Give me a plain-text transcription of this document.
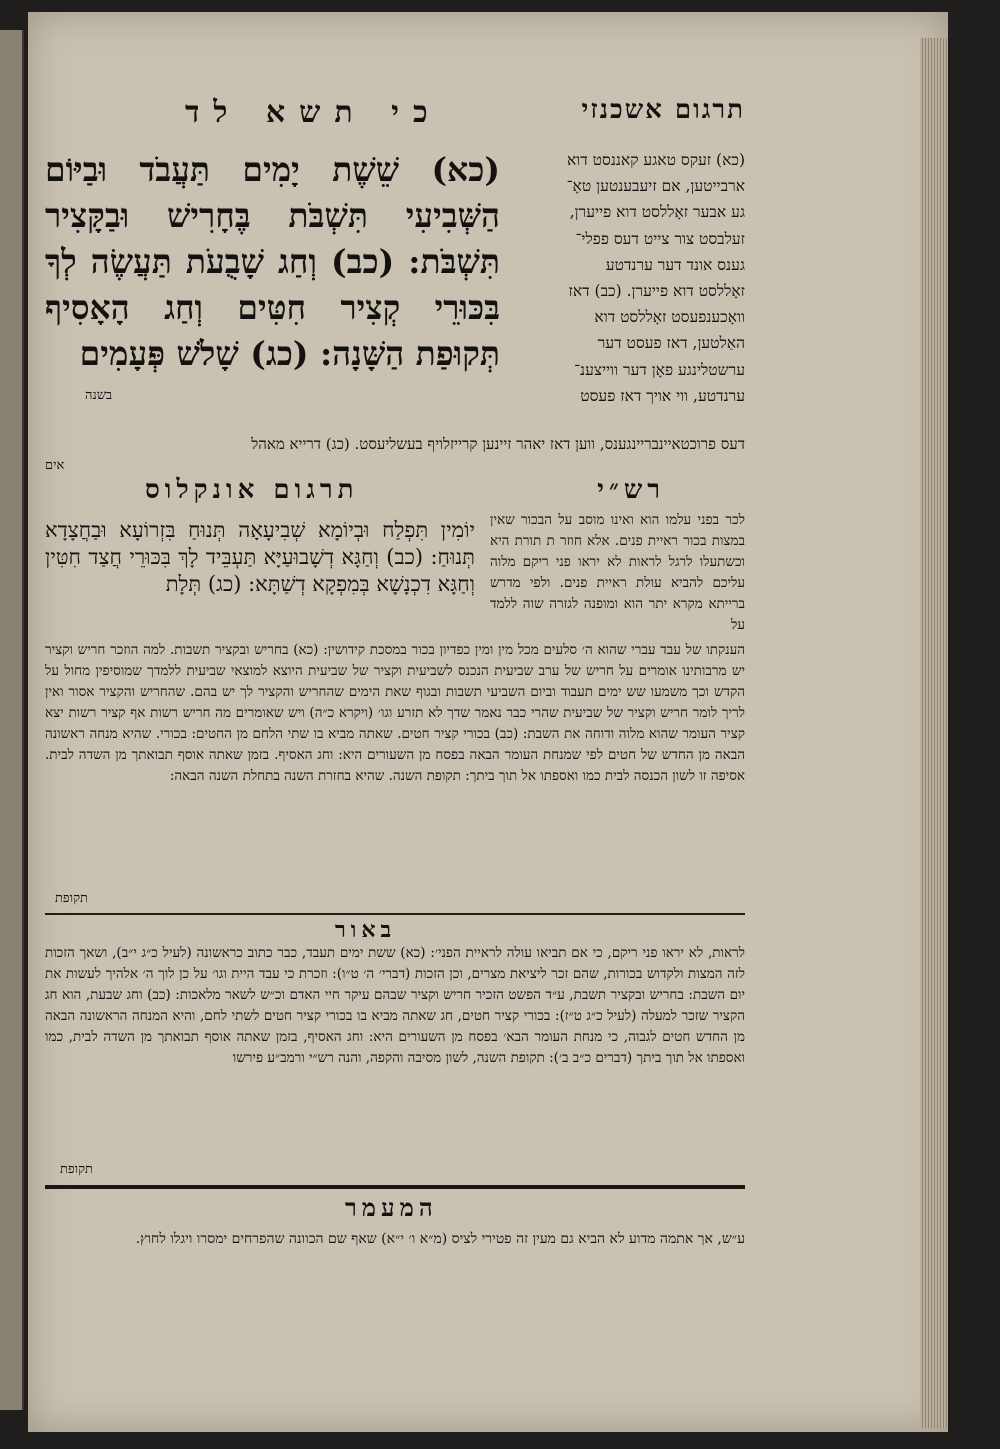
תרגום אשכנזי
כי תשא לד
(כא) זעקס טאגע קאננסט דוא
ארבייטען, אם זיעבענטען טאָ־
גע אבער זאָללסט דוא פייערן,
זעלבסט צור צייט דעס פפלי־
גענס אונד דער ערנדטע
זאָללסט דוא פייערן. (כב) דאז
וואָכענפעסט זאָללסט דוא
האַלטען, דאז פעסט דער
ערשטלינגע פאָן דער ווייצענ־
ערנדטע, ווי אויך דאז פעסט
(כא) שֵׁשֶׁת יָמִים תַּעֲבֹד וּבַיּוֹם הַשְּׁבִיעִי תִּשְׁבֹּת בֶּחָרִישׁ וּבַקָּצִיר תִּשְׁבֹּת: (כב) וְחַג שָׁבֻעֹת תַּעֲשֶׂה לְךָ בִּכּוּרֵי קְצִיר חִטִּים וְחַג הָאָסִיף תְּקוּפַת הַשָּׁנָה: (כג) שָׁלֹשׁ פְּעָמִים
בשנה
דעס פרוכטאיינבריינגענס, ווען דאז יאהר זיינען קרייזלויף בעשליעסט. (כג) דרייא מאהל
אים
רש״י
תרגום אונקלוס
לכר בפני עלמו הוא ואינו מוסב על הבכור שאין במצות בכור ראיית פנים. אלא חוזר ת תורת היא וכשתעלו לרגל לראות לא יראו פני ריקם מלוה עליכם להביא עולת ראיית פנים. ולפי מדרש ברייתא מקרא יתר הוא ומופנה לגזרה שוה ללמד על
יוֹמִין תִּפְלַח וּבְיוֹמָא שְׁבִיעָאָה תְּנוּחַ בִּזְרוֹעָא וּבַחֲצָדָא תְּנוּחַ: (כב) וְחַגָּא דְשָׁבוּעַיָּא תַּעְבֵּיד לָךְ בִּכּוּרֵי חֲצַד חִטִּין וְחַגָּא דִכְנָשָׁא בְּמִפְקָא דְשַׁתָּא: (כג) תְּלָת
הענקתו של עבד עברי שהוא ה׳ סלעים מכל מין ומין כפדיון בכור במסכת קידושין: (כא) בחריש ובקציר תשבות. למה הוזכר חריש וקציר יש מרבותינו אומרים על חריש של ערב שביעית הנכנס לשביעית וקציר של שביעית היוצא למוצאי שביעית ללמדך שמוסיפין מחול על הקדש וכך משמעו שש ימים תעבוד וביום השביעי תשבות ובגוף שאת הימים שהחריש והקציר לך יש בהם. שהחריש והקציר אסור ואין לריך לומר חריש וקציר של שביעית שהרי כבר נאמר שדך לא תזרע וגו׳ (ויקרא כ״ה) ויש שאומרים מה חריש רשות אף קציר רשות יצא קציר העומר שהוא מלוה ודוחה את השבת: (כב) בכורי קציר חטים. שאתה מביא בו שתי הלחם מן החטים: בכורי. שהיא מנחה ראשונה הבאה מן החדש של חטים לפי שמנחת העומר הבאה בפסח מן השעורים היא: וחג האסיף. בזמן שאתה אוסף תבואתך מן השדה לבית. אסיפה זו לשון הכנסה לבית כמו ואספתו אל תוך ביתך: תקופת השנה. שהיא בחזרת השנה בתחלת השנה הבאה:
תקופת
באור
לראות, לא יראו פני ריקם, כי אם תביאו עולה לראיית הפני׳: (כא) ששת ימים תעבד, כבר כתוב כראשונה (לעיל כ״ג י״ב), ושאך הזכות לזה המצות ולקדוש בכורות, שהם זכר ליציאת מצרים, וכן הזכות (דברי׳ ה׳ ט״ו): וזכרת כי עבד היית וגו׳ על כן לוך ה׳ אלהיך לעשות את יום השבת: בחריש ובקציר תשבת, ע״ד הפשט הזכיר חריש וקציר שבהם עיקר חיי האדם וכ״ש לשאר מלאכות: (כב) וחג שבעת, הוא חג הקציר שזכר למעלה (לעיל כ״ג ט״ז): בכורי קציר חטים, חג שאתה מביא בו בכורי קציר חטים לשתי לחם, והיא המנחה הראשונה הבאה מן החדש חטים לגבוה, כי מנחת העומר הבא׳ בפסח מן השעורים היא: וחג האסיף, בזמן שאתה אוסף תבואתך מן השדה לבית, כמו ואספתו אל תוך ביתך (דברים כ״ב ב׳): תקופת השנה, לשון מסיבה והקפה, והנה רש״י ורמב״ע פירשו
תקופת
המעמר
ע״ש, אך אתמה מדוע לא הביא גם מעין זה פטירי לציס (מ״א ו׳ י״א) שאף שם הכוונה שהפרחים ימסרו ויגלו לחוץ.
